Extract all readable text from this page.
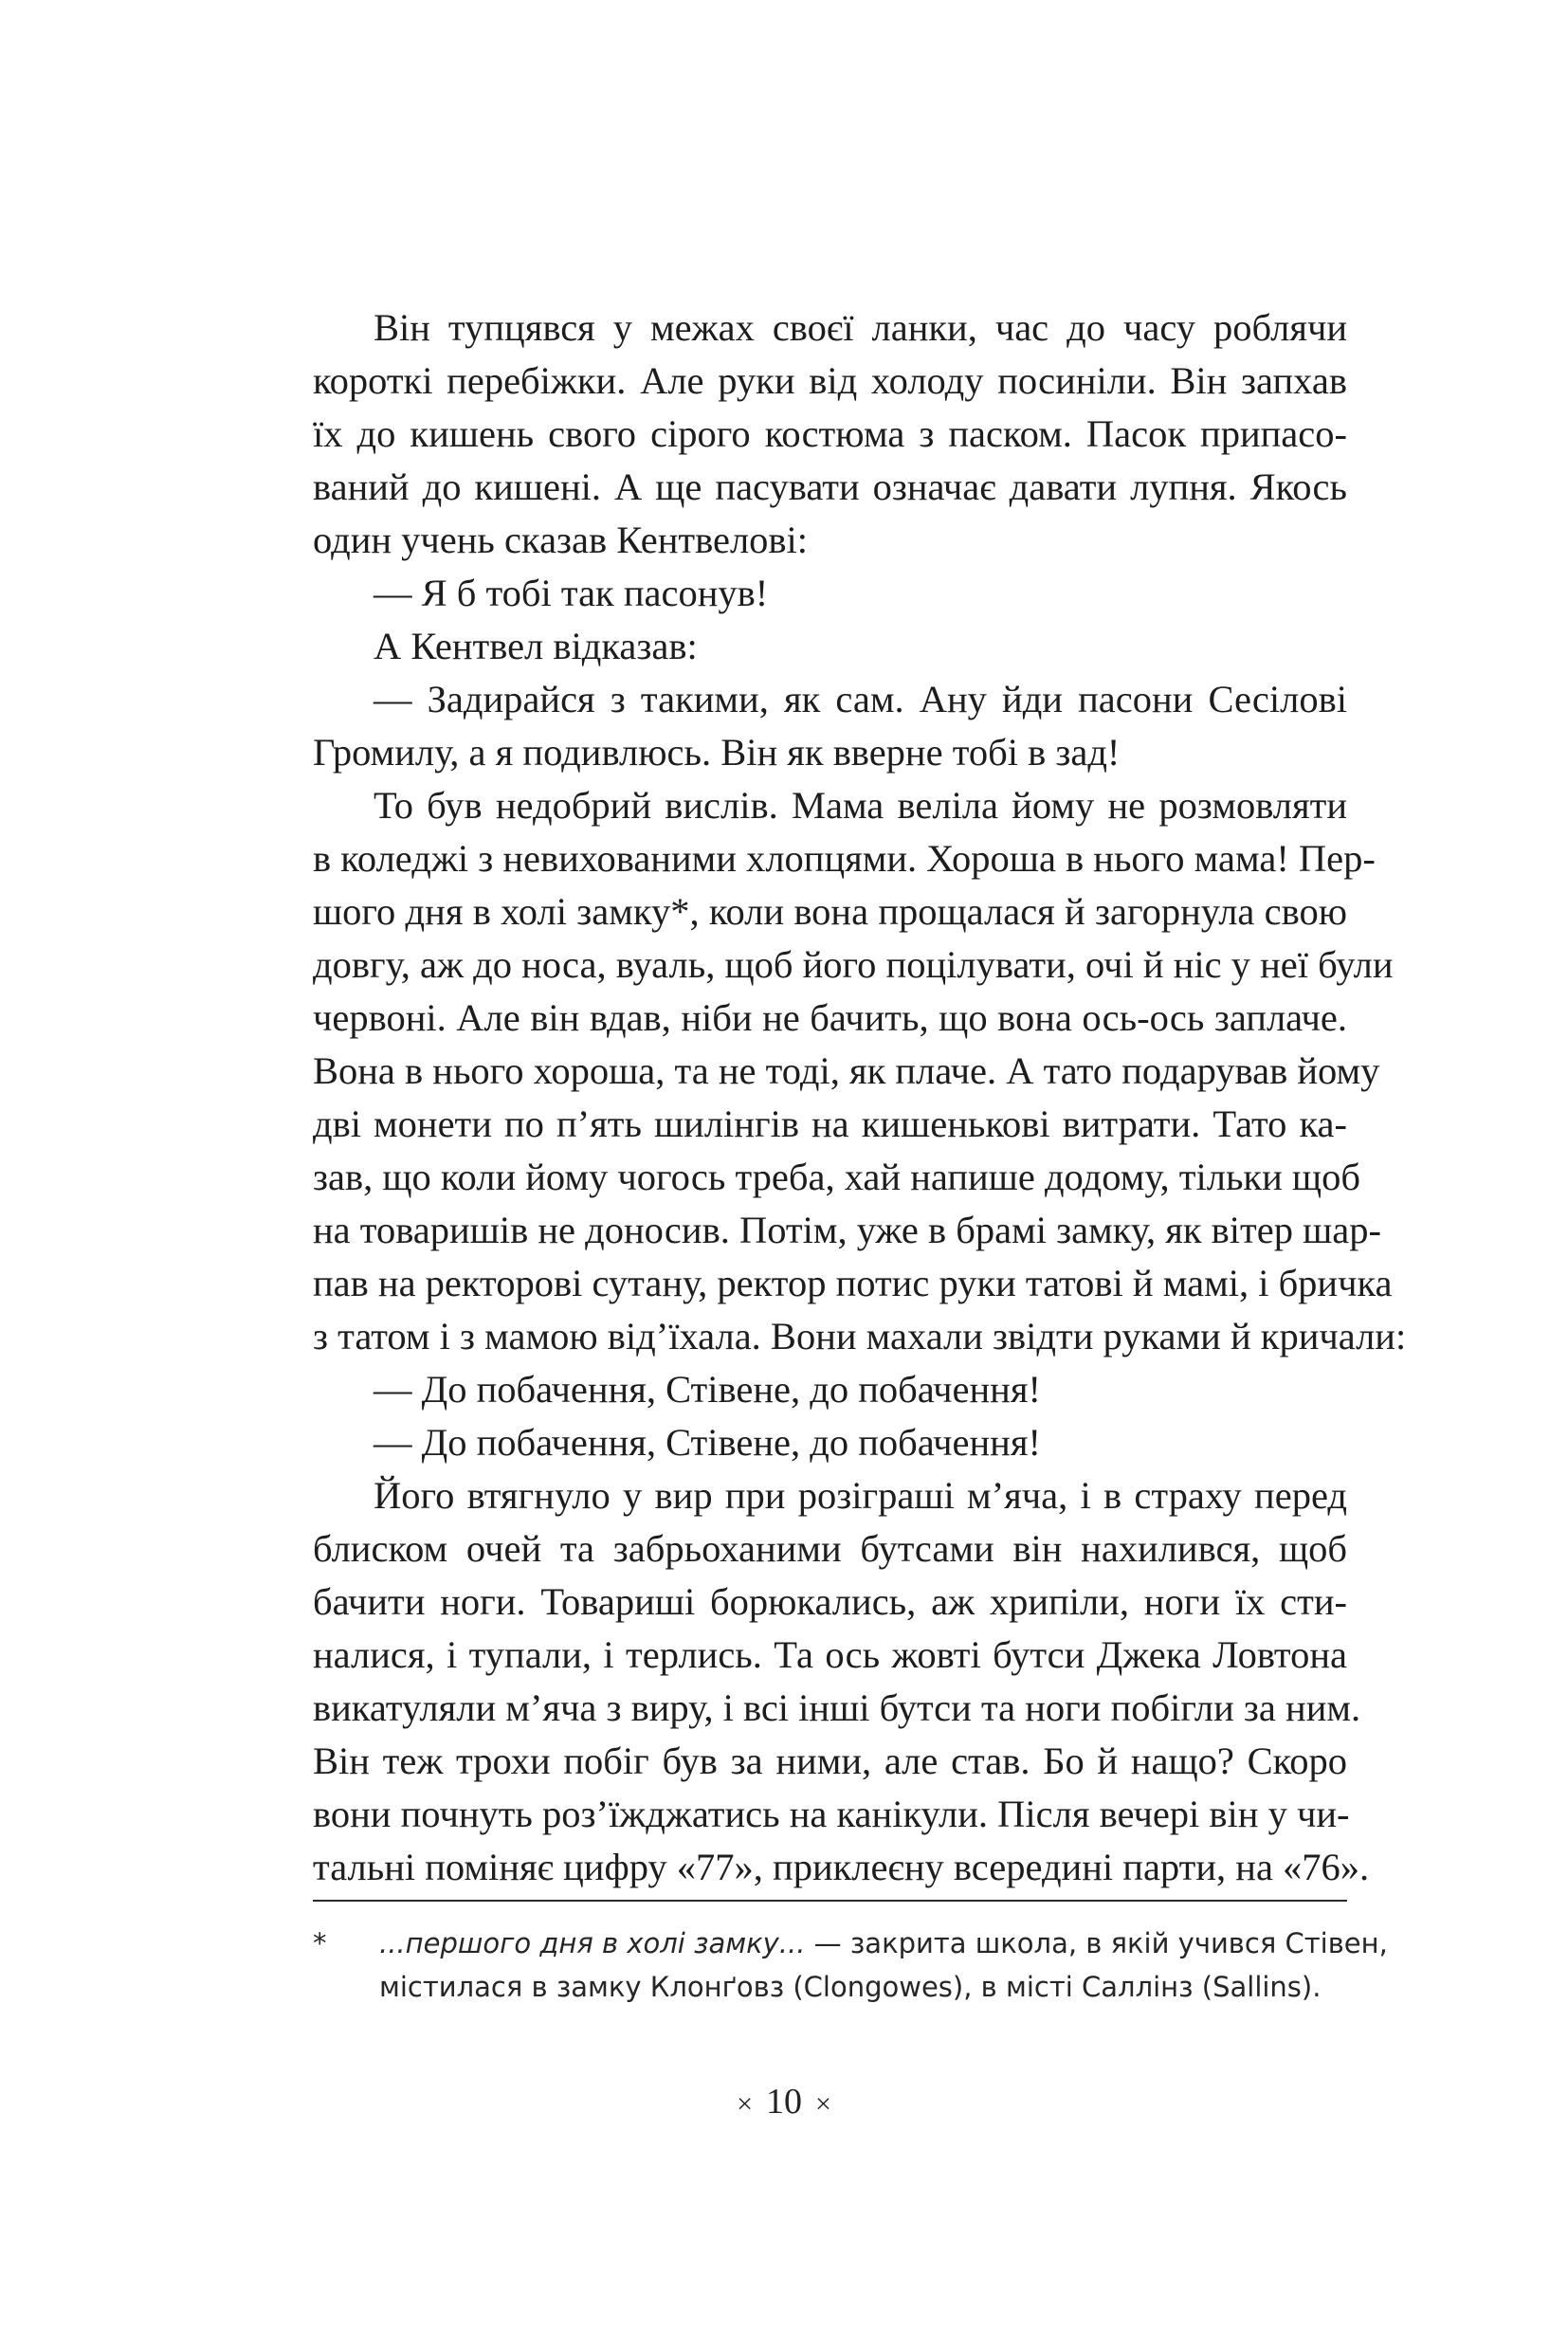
Він тупцявся у межах своєї ланки, час до часу роблячи

короткі перебіжки. Але руки від холоду посиніли. Він запхав

їх до кишень свого сірого костюма з паском. Пасок припасо-

ваний до кишені. А ще пасувати означає давати лупня. Якось

один учень сказав Кентвелові:

— Я б тобі так пасонув!

А Кентвел відказав:

— Задирайся з такими, як сам. Ану йди пасони Сесілові

Громилу, а я подивлюсь. Він як вверне тобі в зад!

То був недобрий вислів. Мама веліла йому не розмовляти

в коледжі з невихованими хлопцями. Хороша в нього мама! Пер-

шого дня в холі замку*, коли вона прощалася й загорнула свою

довгу, аж до носа, вуаль, щоб його поцілувати, очі й ніс у неї були

червоні. Але він вдав, ніби не бачить, що вона ось-ось заплаче.

Вона в нього хороша, та не тоді, як плаче. А тато подарував йому

дві монети по п’ять шилінгів на кишенькові витрати. Тато ка-

зав, що коли йому чогось треба, хай напише додому, тільки щоб

на товаришів не доносив. Потім, уже в брамі замку, як вітер шар-

пав на ректорові сутану, ректор потис руки татові й мамі, і бричка

з татом і з мамою від’їхала. Вони махали звідти руками й кричали:

— До побачення, Стівене, до побачення!

— До побачення, Стівене, до побачення!

Його втягнуло у вир при розіграші м’яча, і в страху перед

блиском очей та забрьоханими бутсами він нахилився, щоб

бачити ноги. Товариші борюкались, аж хрипіли, ноги їх сти-

налися, і тупали, і терлись. Та ось жовті бутси Джека Ловтона

викатуляли м’яча з виру, і всі інші бутси та ноги побігли за ним.

Він теж трохи побіг був за ними, але став. Бо й нащо? Скоро

вони почнуть роз’їжджатись на канікули. Після вечері він у чи-

тальні поміняє цифру «77», приклеєну всередині парти, на «76».

* ...першого дня в холі замку... — закрита школа, в якій учився Стівен,

містилася в замку Клонґовз (Clongowes), в місті Саллінз (Sallins).

× 10 ×
